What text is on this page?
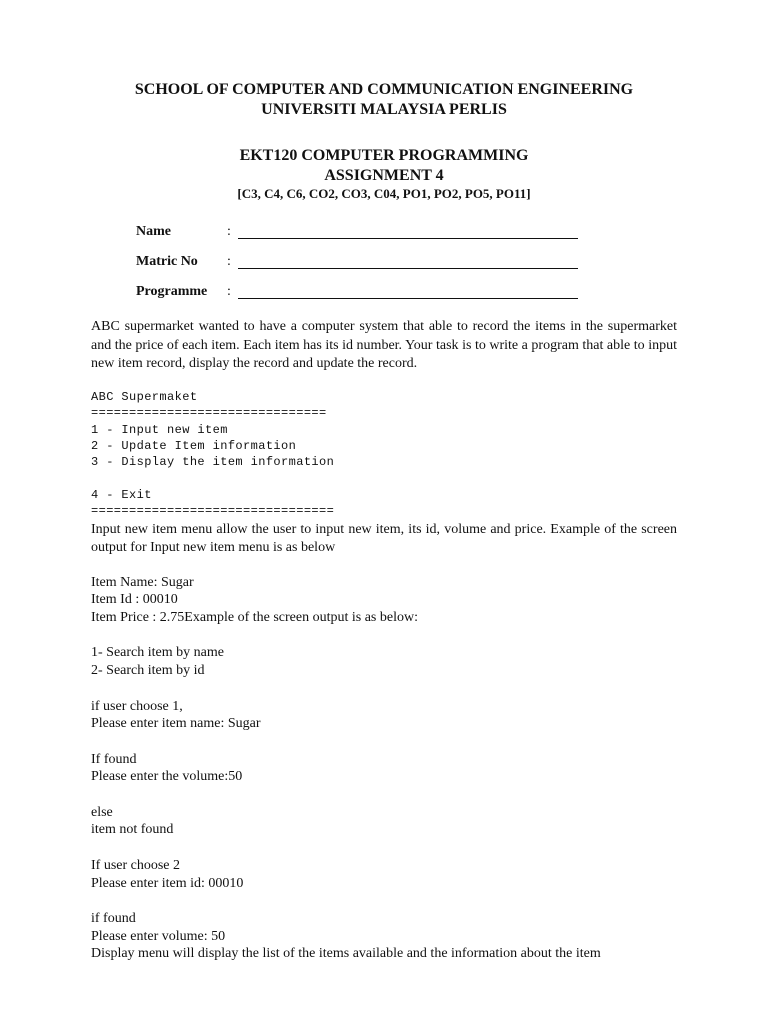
SCHOOL OF COMPUTER AND COMMUNICATION ENGINEERING
UNIVERSITI MALAYSIA PERLIS
EKT120 COMPUTER PROGRAMMING
ASSIGNMENT 4
[C3, C4, C6, CO2, CO3, C04, PO1, PO2, PO5, PO11]
Name	:
Matric No :
Programme :
ABC supermarket wanted to have a computer system that able to record the items in the supermarket and the price of each item. Each item has its id number. Your task is to write a program that able to input new item record, display the record and update the record.
ABC Supermaket
===============================
1 - Input new item
2 - Update Item information
3 - Display the item information
4 - Exit
================================
Input new item menu allow the user to input new item, its id, volume and price. Example of the screen output for Input new item menu is as below
Item Name: Sugar
Item Id : 00010
Item Price : 2.75Example of the screen output is as below:
1- Search item by name
2- Search item by id
if user choose 1,
Please enter item name: Sugar
If found
Please enter the volume:50
else
item not found
If user choose 2
Please enter item id: 00010
if found
Please enter volume: 50
Display menu will display the list of the items available and the information about the item
